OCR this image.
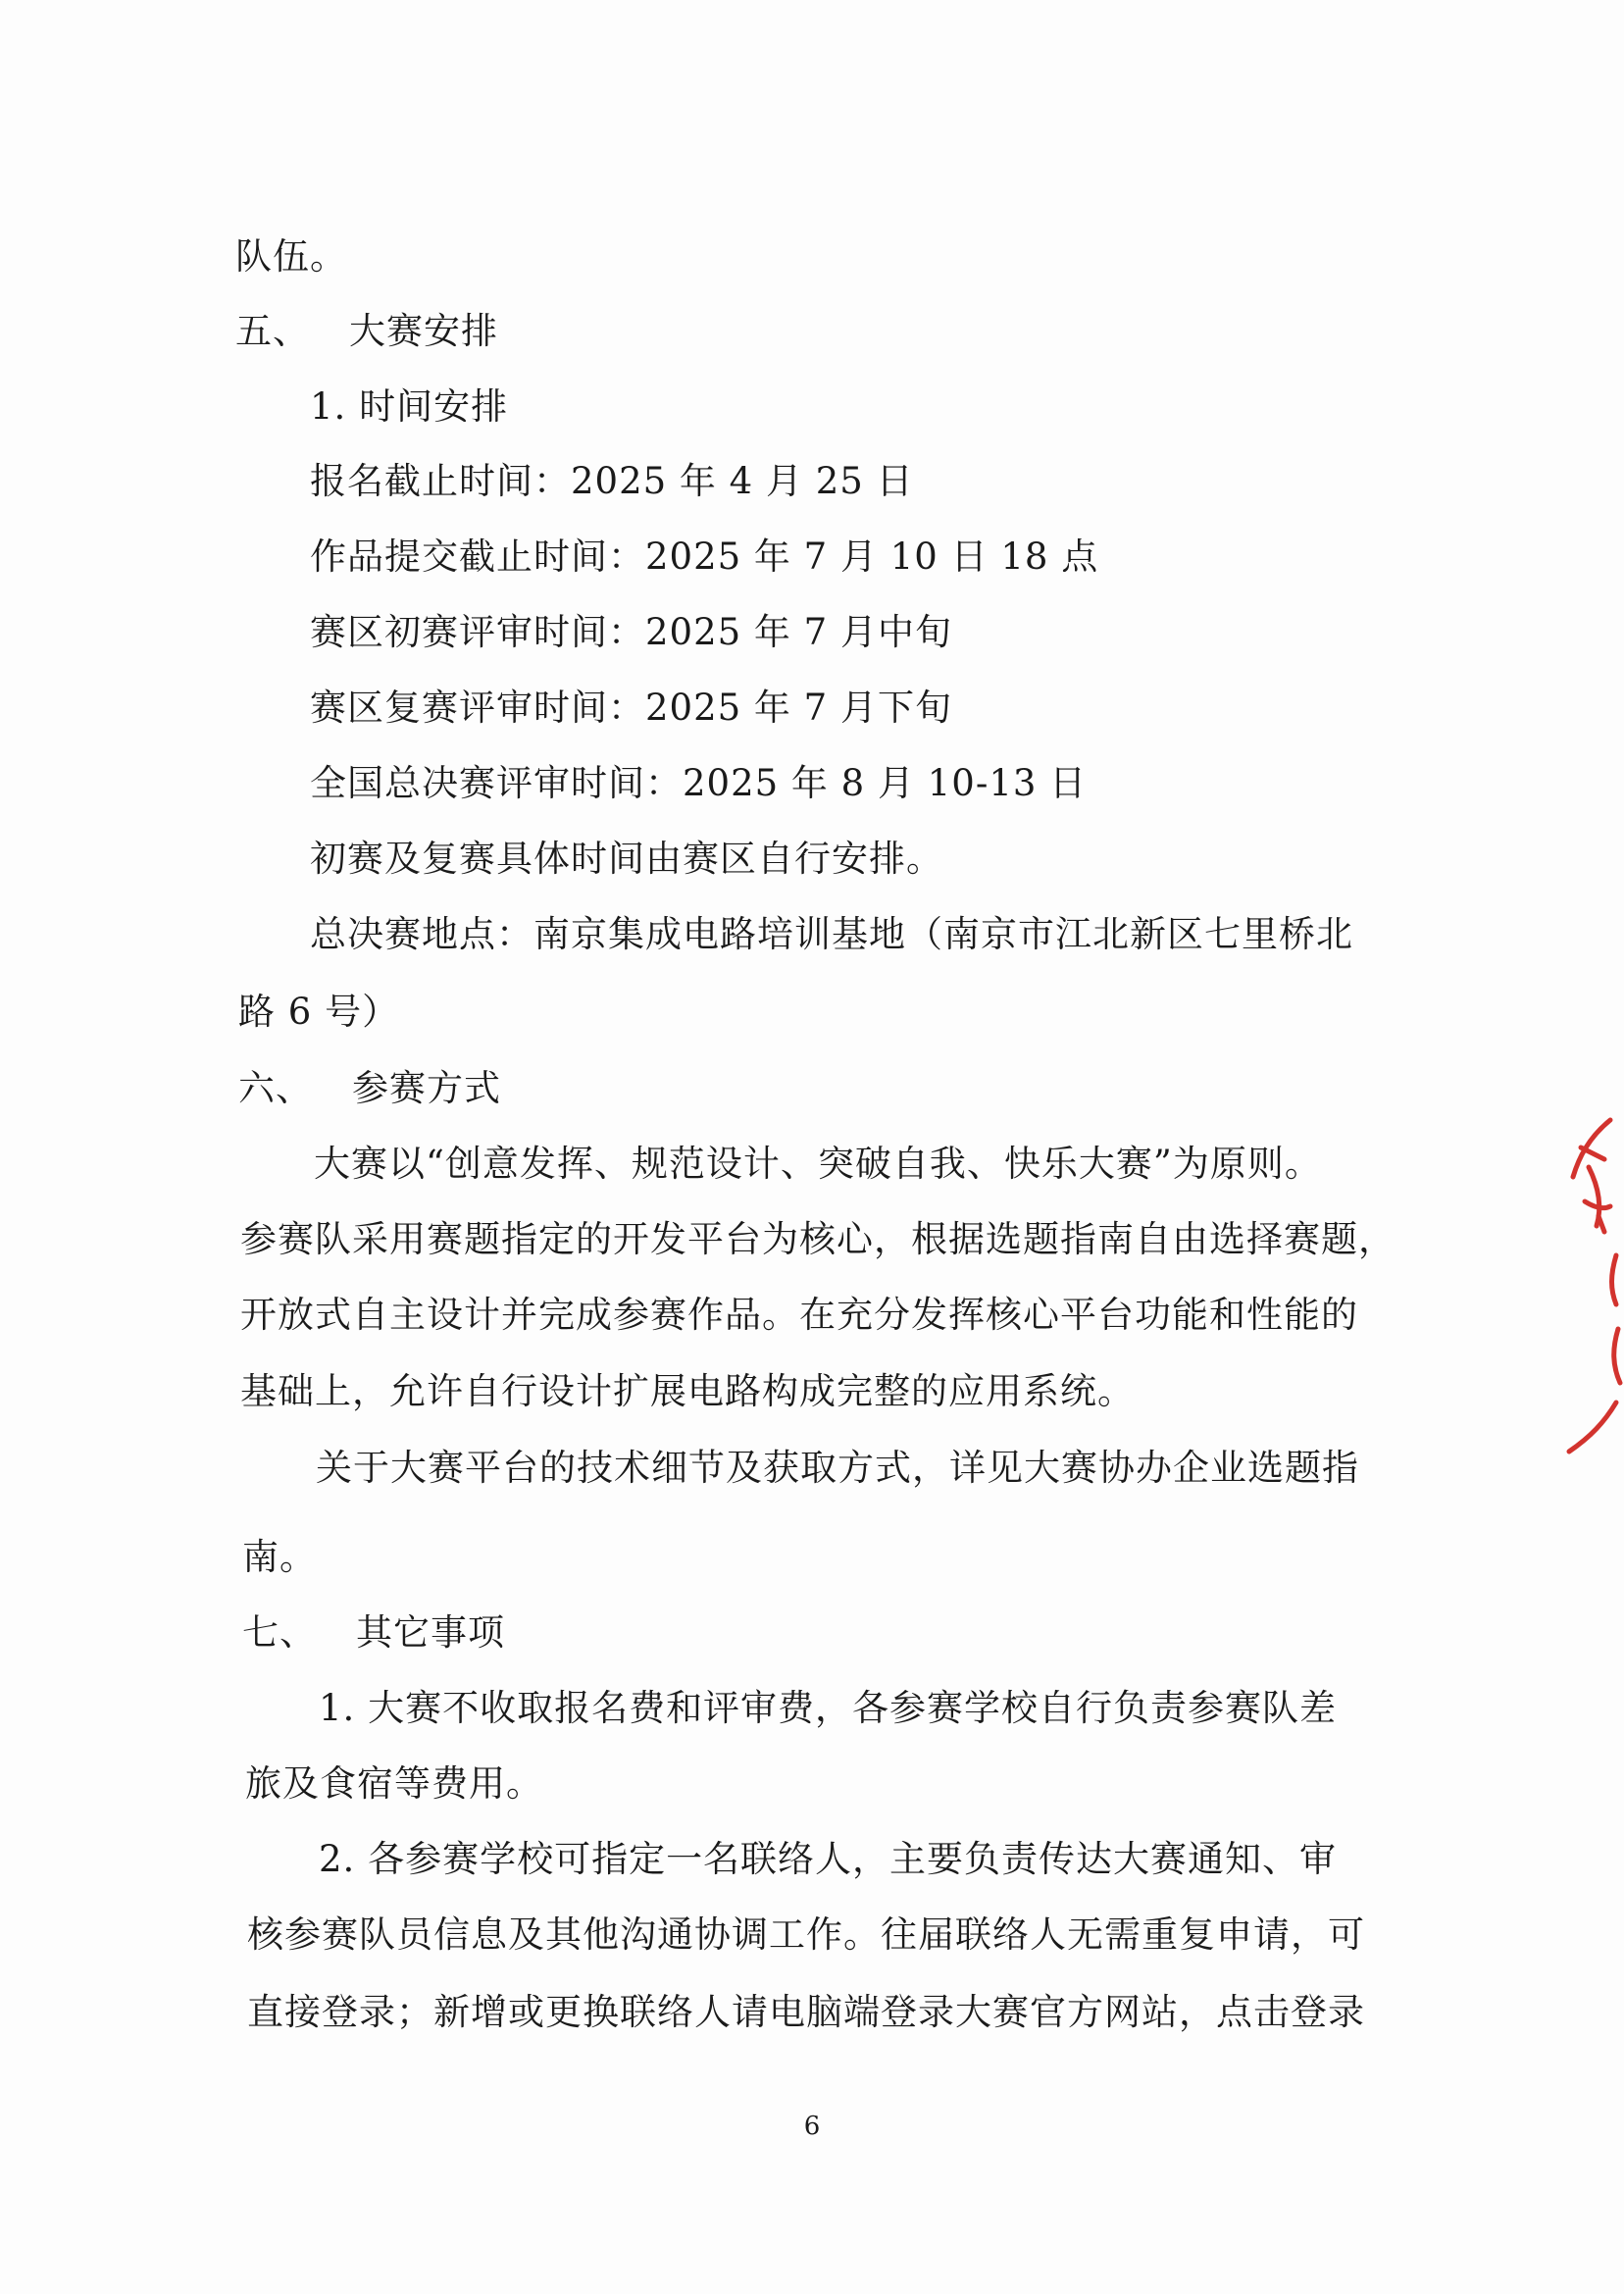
队伍。
五、 大赛安排
1. 时间安排
报名截止时间：2025 年 4 月 25 日
作品提交截止时间：2025 年 7 月 10 日 18 点
赛区初赛评审时间：2025 年 7 月中旬
赛区复赛评审时间：2025 年 7 月下旬
全国总决赛评审时间：2025 年 8 月 10-13 日
初赛及复赛具体时间由赛区自行安排。
总决赛地点：南京集成电路培训基地（南京市江北新区七里桥北
路 6 号）
六、 参赛方式
大赛以“创意发挥、规范设计、突破自我、快乐大赛”为原则。
参赛队采用赛题指定的开发平台为核心，根据选题指南自由选择赛题，
开放式自主设计并完成参赛作品。在充分发挥核心平台功能和性能的
基础上，允许自行设计扩展电路构成完整的应用系统。
关于大赛平台的技术细节及获取方式，详见大赛协办企业选题指
南。
七、 其它事项
1. 大赛不收取报名费和评审费，各参赛学校自行负责参赛队差
旅及食宿等费用。
2. 各参赛学校可指定一名联络人，主要负责传达大赛通知、审
核参赛队员信息及其他沟通协调工作。往届联络人无需重复申请，可
直接登录；新增或更换联络人请电脑端登录大赛官方网站，点击登录
6
